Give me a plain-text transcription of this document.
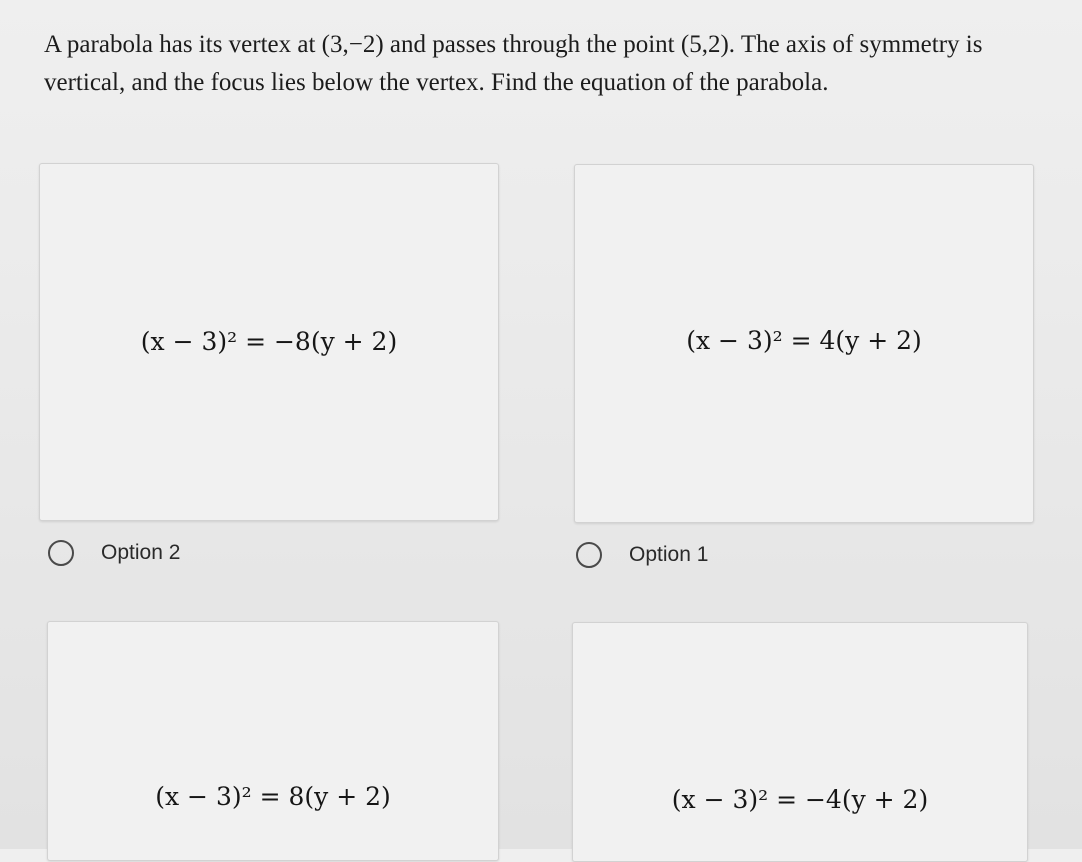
A parabola has its vertex at (3,−2) and passes through the point (5,2). The axis of symmetry is vertical, and the focus lies below the vertex. Find the equation of the parabola.

(x − 3)² = −8(y + 2)	(x − 3)² = 4(y + 2)
Option 2	Option 1
(x − 3)² = 8(y + 2)	(x − 3)² = −4(y + 2)
